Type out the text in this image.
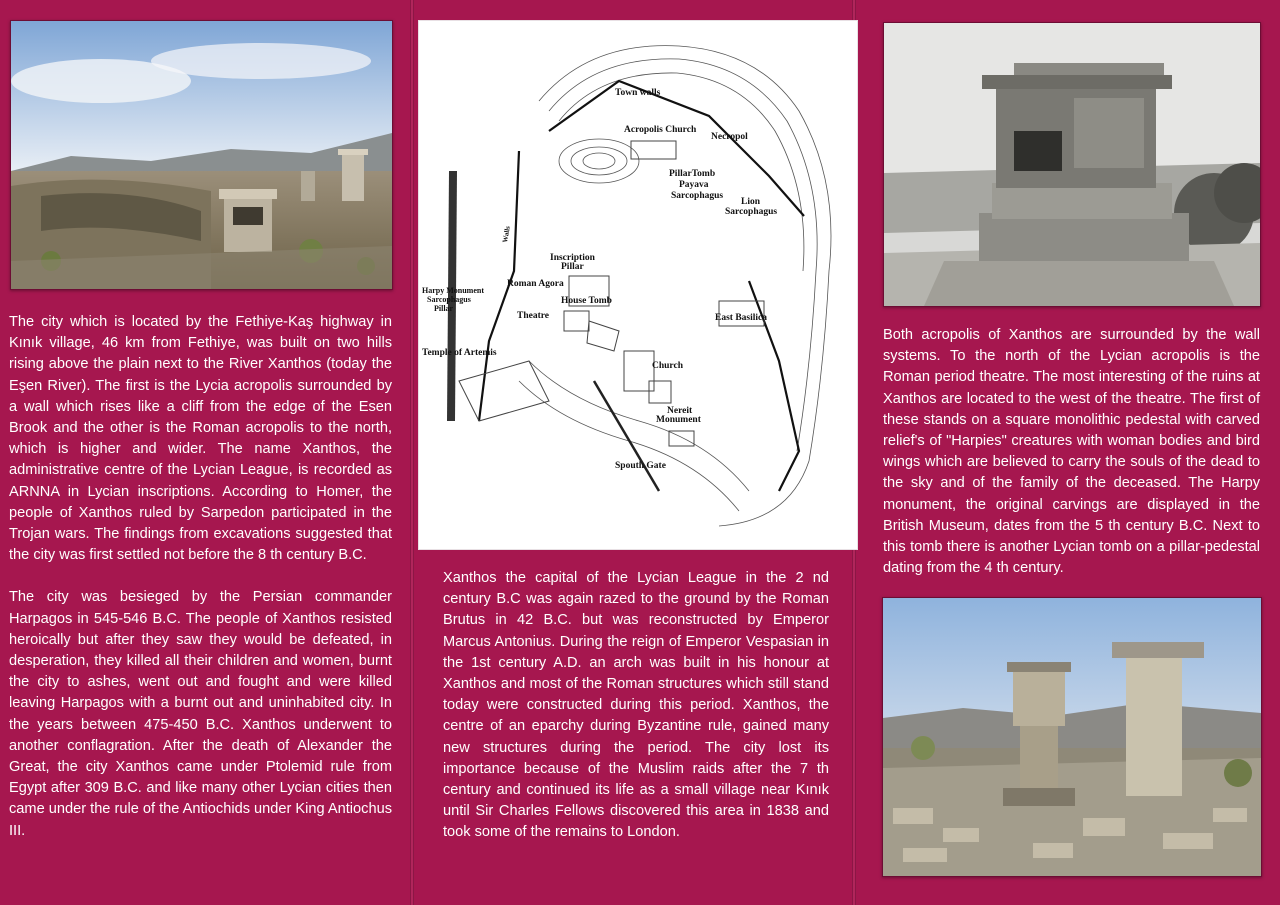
The city which is located by the Fethiye-Kaş highway in Kınık village, 46 km from Fethiye, was built on two hills rising above the plain next to the River Xanthos (today the Eşen River). The first is the Lycia acropolis surrounded by a wall which rises like a cliff from the edge of the Esen Brook and the other is the Roman acropolis to the north, which is higher and wider. The name Xanthos, the administrative centre of the Lycian League, is recorded as ARNNA in Lycian inscriptions. According to Homer, the people of Xanthos ruled by Sarpedon participated in the Trojan wars. The findings from excavations suggested that the city was first settled not before the 8 th century B.C.

The city was besieged by the Persian commander Harpagos in 545-546 B.C. The people of Xanthos resisted heroically but after they saw they would be defeated, in desperation, they killed all their children and women, burnt the city to ashes, went out and fought and were killed leaving Harpagos with a burnt out and uninhabited city. In the years between 475-450 B.C. Xanthos underwent to another conflagration. After the death of Alexander the Great, the city Xanthos came under Ptolemid rule from Egypt after 309 B.C. and like many other Lycian cities then came under the rule of the Antiochids under King Antiochus III.

Town walls
Acropolis Church
Necropol
PillarTomb
Payava
Sarcophagus
Lion
Sarcophagus
Inscription
Pillar
Harpy Monument
Sarcophagus
Pillar
Roman Agora
House Tomb
Theatre	East Basilica
Temple of Artemis
Church
Nereit
Monument
Spouth Gate
Walls

Xanthos the capital of the Lycian League in the 2 nd century B.C was again razed to the ground by the Roman Brutus in 42 B.C. but was reconstructed by Emperor Marcus Antonius. During the reign of Emperor Vespasian in the 1st century A.D. an arch was built in his honour at Xanthos and most of the Roman structures which still stand today were constructed during this period. Xanthos, the centre of an eparchy during Byzantine rule, gained many new structures during the period. The city lost its importance because of the Muslim raids after the 7 th century and continued its life as a small village near Kınık until Sir Charles Fellows discovered this area in 1838 and took some of the remains to London.

Both acropolis of Xanthos are surrounded by the wall systems. To the north of the Lycian acropolis is the Roman period theatre. The most interesting of the ruins at Xanthos are located to the west of the theatre. The first of these stands on a square monolithic pedestal with carved relief's of "Harpies" creatures with woman bodies and bird wings which are believed to carry the souls of the dead to the sky and of the family of the deceased. The Harpy monument, the original carvings are displayed in the British Museum, dates from the 5 th century B.C. Next to this tomb there is another Lycian tomb on a pillar-pedestal dating from the 4 th century.
